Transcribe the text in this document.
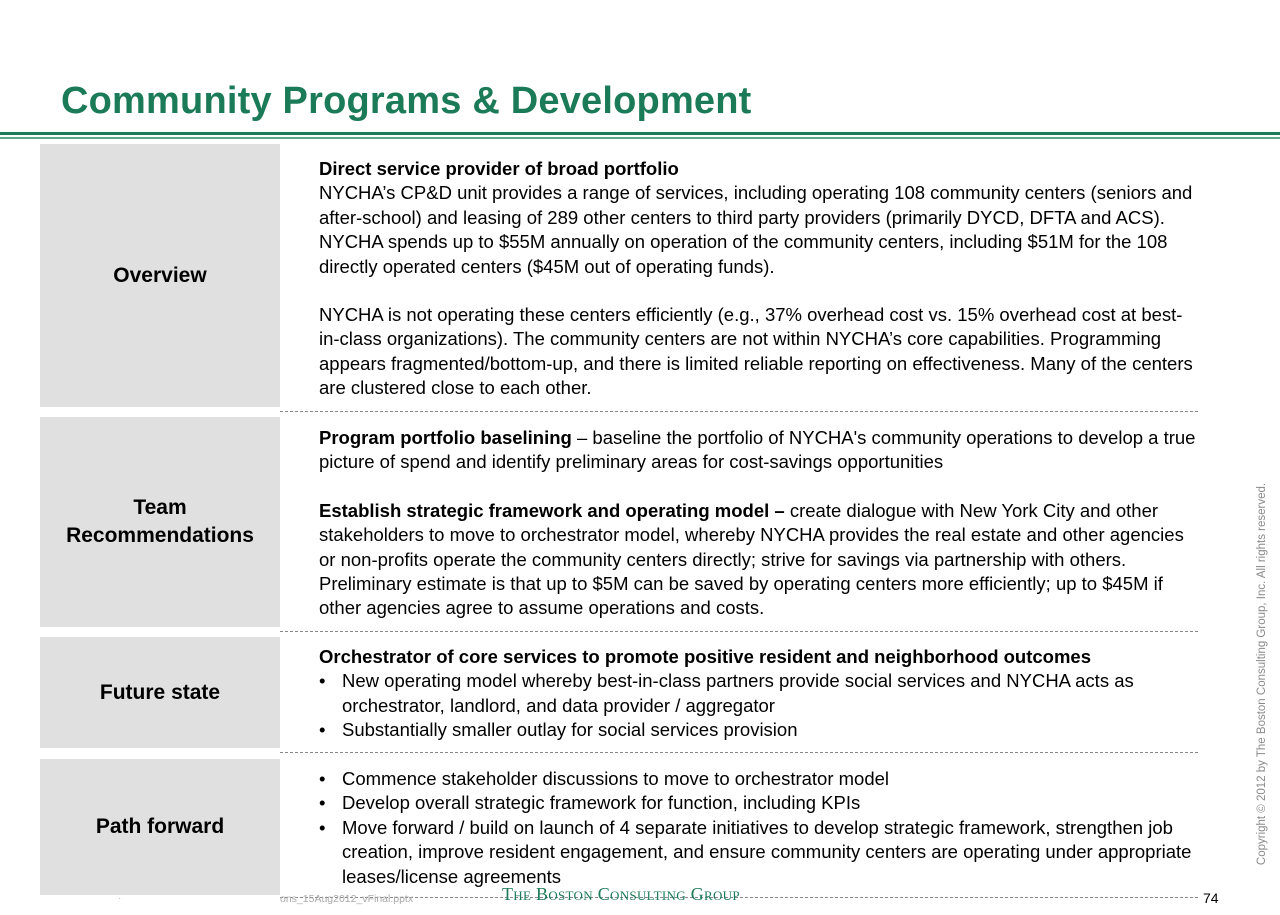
Community Programs & Development
Overview

Direct service provider of broad portfolio

NYCHA’s CP&D unit provides a range of services, including operating 108 community centers (seniors and after-school) and leasing of 289 other centers to third party providers (primarily DYCD, DFTA and ACS). NYCHA spends up to $55M annually on operation of the community centers, including $51M for the 108 directly operated centers ($45M out of operating funds).

NYCHA is not operating these centers efficiently (e.g., 37% overhead cost vs. 15% overhead cost at best-in-class organizations). The community centers are not within NYCHA’s core capabilities. Programming appears fragmented/bottom-up, and there is limited reliable reporting on effectiveness. Many of the centers are clustered close to each other.

Team Recommendations

Program portfolio baselining – baseline the portfolio of NYCHA's community operations to develop a true picture of spend and identify preliminary areas for cost-savings opportunities

Establish strategic framework and operating model – create dialogue with New York City and other stakeholders to move to orchestrator model, whereby NYCHA provides the real estate and other agencies or non-profits operate the community centers directly; strive for savings via partnership with others. Preliminary estimate is that up to $5M can be saved by operating centers more efficiently; up to $45M if other agencies agree to assume operations and costs.

Future state

Orchestrator of core services to promote positive resident and neighborhood outcomes

• New operating model whereby best-in-class partners provide social services and NYCHA acts as orchestrator, landlord, and data provider / aggregator
• Substantially smaller outlay for social services provision
Path forward
• Commence stakeholder discussions to move to orchestrator model
• Develop overall strategic framework for function, including KPIs
• Move forward / build on launch of 4 separate initiatives to develop strategic framework, strengthen job creation, improve resident engagement, and ensure community centers are operating under appropriate leases/license agreements
·	ons_15Aug2012_vFinal.pptx	The Boston Consulting Group	74
Copyright © 2012 by The Boston Consulting Group, Inc. All rights reserved.
